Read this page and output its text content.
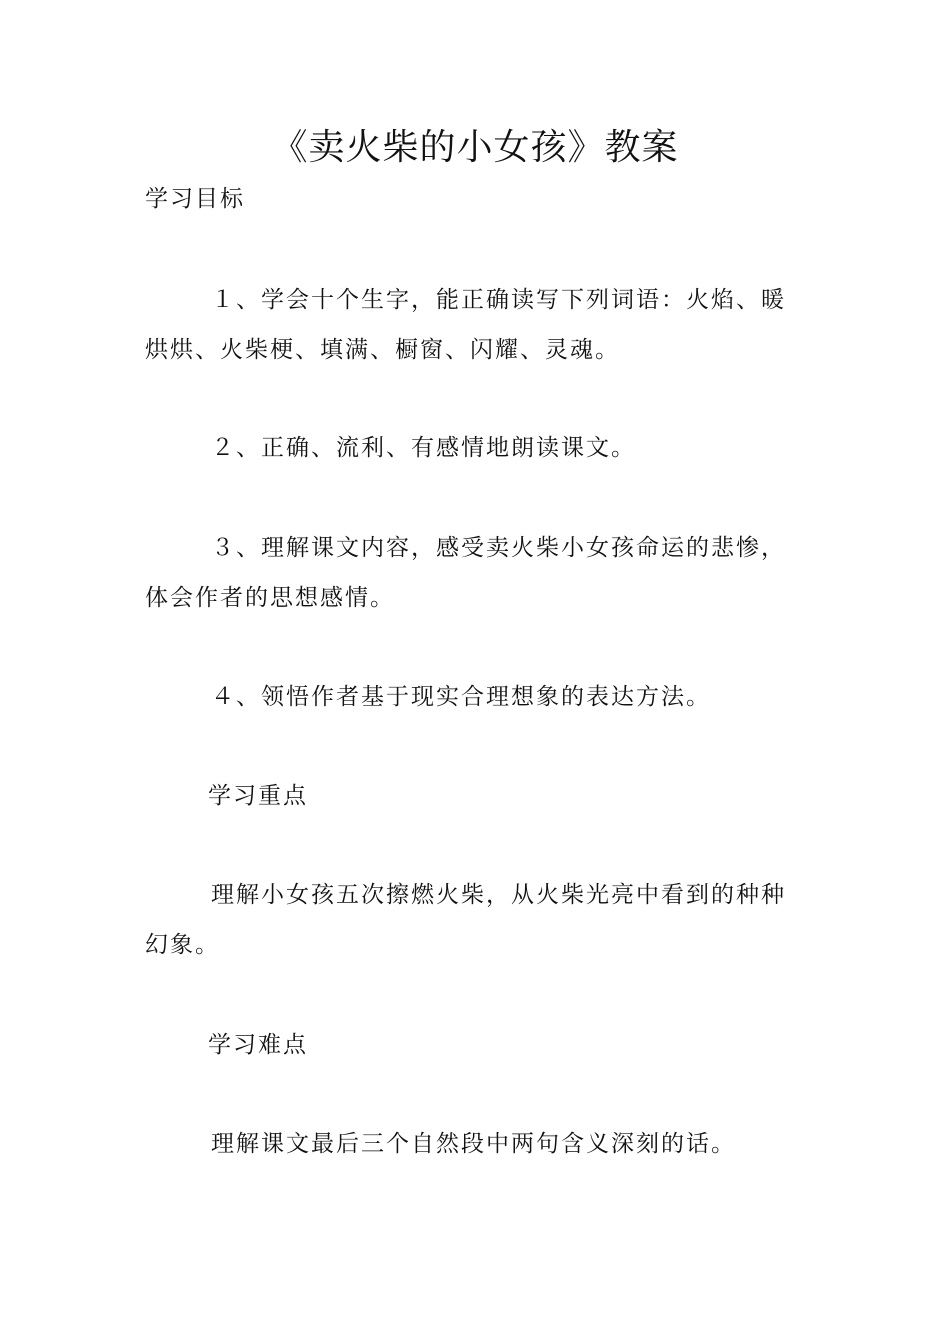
《卖火柴的小女孩》教案
学习目标
１、学会十个生字，能正确读写下列词语：火焰、暖烘烘、火柴梗、填满、橱窗、闪耀、灵魂。
２、正确、流利、有感情地朗读课文。
３、理解课文内容，感受卖火柴小女孩命运的悲惨，体会作者的思想感情。
４、领悟作者基于现实合理想象的表达方法。
学习重点
理解小女孩五次擦燃火柴，从火柴光亮中看到的种种幻象。
学习难点
理解课文最后三个自然段中两句含义深刻的话。
